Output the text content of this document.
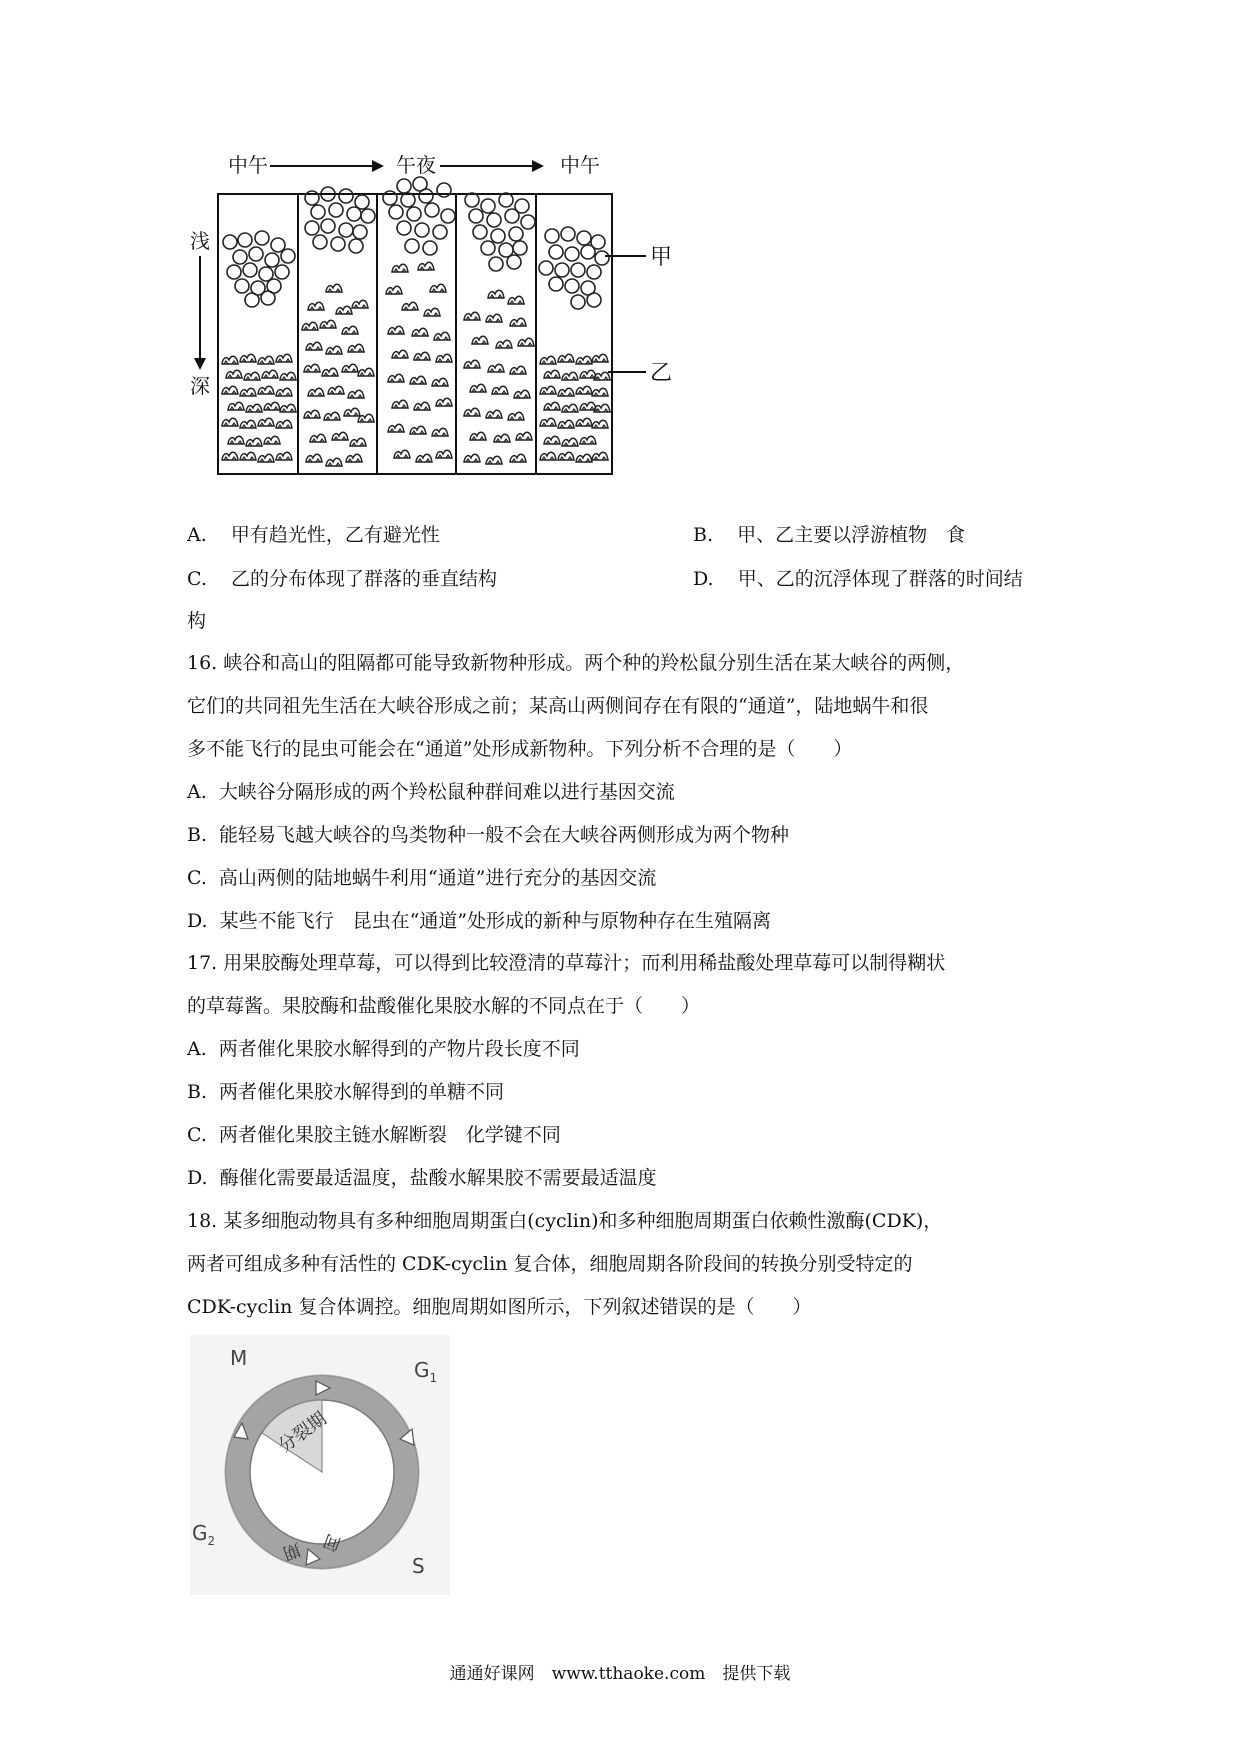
中午	午夜	中午
浅
深
甲
乙
A. 甲有趋光性，乙有避光性	B. 甲、乙主要以浮游植物　食
C. 乙的分布体现了群落的垂直结构	D. 甲、乙的沉浮体现了群落的时间结
构
16. 峡谷和高山的阻隔都可能导致新物种形成。两个种的羚松鼠分别生活在某大峡谷的两侧，
它们的共同祖先生活在大峡谷形成之前；某高山两侧间存在有限的“通道”，陆地蜗牛和很
多不能飞行的昆虫可能会在“通道”处形成新物种。下列分析不合理的是（　　）
A. 大峡谷分隔形成的两个羚松鼠种群间难以进行基因交流
B. 能轻易飞越大峡谷的鸟类物种一般不会在大峡谷两侧形成为两个物种
C. 高山两侧的陆地蜗牛利用“通道”进行充分的基因交流
D. 某些不能飞行　昆虫在“通道”处形成的新种与原物种存在生殖隔离
17. 用果胶酶处理草莓，可以得到比较澄清的草莓汁；而利用稀盐酸处理草莓可以制得糊状
的草莓酱。果胶酶和盐酸催化果胶水解的不同点在于（　　）
A. 两者催化果胶水解得到的产物片段长度不同
B. 两者催化果胶水解得到的单糖不同
C. 两者催化果胶主链水解断裂　化学键不同
D. 酶催化需要最适温度，盐酸水解果胶不需要最适温度
18. 某多细胞动物具有多种细胞周期蛋白(cyclin)和多种细胞周期蛋白依赖性激酶(CDK)，
两者可组成多种有活性的 CDK-cyclin 复合体，细胞周期各阶段间的转换分别受特定的
CDK-cyclin 复合体调控。细胞周期如图所示，下列叙述错误的是（　　）
分裂期
间
期
M	$G_1$
$G_2$
S
通通好课网　www.tthaoke.com　提供下载
